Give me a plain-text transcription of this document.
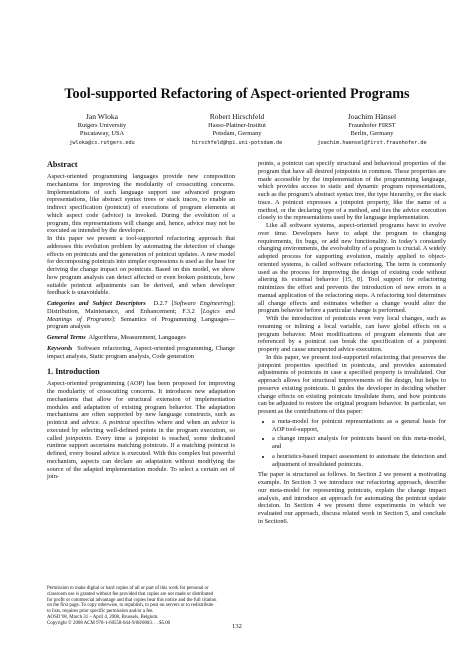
Tool-supported Refactoring of Aspect-oriented Programs
Jan Wloka
Rutgers University
Piscataway, USA
jwloka@cs.rutgers.edu
Robert Hirschfeld
Hasso-Plattner-Institut
Potsdam, Germany
hirschfeld@hpi.uni-potsdam.de
Joachim Hänsel
Fraunhofer FIRST
Berlin, Germany
joachim.haensel@first.fraunhofer.de
Abstract

Aspect-oriented programming languages provide new composition mechanisms for improving the modularity of crosscutting concerns. Implementations of such language support use advanced program representations, like abstract syntax trees or stack traces, to enable an indirect specification (pointcut) of executions of program elements at which aspect code (advice) is invoked. During the evolution of a program, this representations will change and, hence, advice may not be executed as intended by the developer.

In this paper we present a tool-supported refactoring approach that addresses this evolution problem by automating the detection of change effects on pointcuts and the generation of pointcut updates. A new model for decomposing pointcuts into simpler expressions is used as the base for deriving the change impact on pointcuts. Based on this model, we show how program analysis can detect affected or even broken pointcuts, how suitable pointcut adjustments can be derived, and when developer feedback is unavoidable.

Categories and Subject Descriptors D.2.7 [Software Engineering]: Distribution, Maintenance, and Enhancement; F.3.2 [Logics and Meanings of Programs]: Semantics of Programming Languages—program analysis

General Terms Algorithms, Measurement, Languages

Keywords Software refactoring, Aspect-oriented programming, Change impact analysis, Static program analysis, Code generation

1. Introduction

Aspect-oriented programming (AOP) has been proposed for improving the modularity of crosscutting concerns. It introduces new adaptation mechanisms that allow for structural extension of implementation modules and adaptation of existing program behavior. The adaptation mechanisms are often supported by new language constructs, such as pointcut and advice. A pointcut specifies where and when an advice is executed by selecting well-defined points in the program execution, so called joinpoints. Every time a joinpoint is reached, some dedicated runtime support ascertains matching pointcuts. If a matching pointcut is defined, every bound advice is executed. With this complex but powerful mechanism, aspects can declare an adaptation without modifying the source of the adapted implementation module. To select a certain set of join-

Permission to make digital or hard copies of all or part of this work for personal or
classroom use is granted without fee provided that copies are not made or distributed
for profit or commercial advantage and that copies bear this notice and the full citation
on the first page. To copy otherwise, to republish, to post on servers or to redistribute
to lists, requires prior specific permission and/or a fee.
AOSD’08, March 31 – April 4, 2008, Brussels, Belgium.
Copyright © 2008 ACM 978-1-60558-044-9/08/0003. . . $5.00

points, a pointcut can specify structural and behavioral properties of the program that have all desired joinpoints in common. These properties are made accessible by the implementation of the programming language, which provides access to static and dynamic program representations, such as the program’s abstract syntax tree, the type hierarchy, or the stack trace. A pointcut expresses a joinpoint property, like the name of a method, or the declaring type of a method, and ties the advice execution closely to the representations used by the language implementation.

Like all software systems, aspect-oriented programs have to evolve over time. Developers have to adapt the program to changing requirements, fix bugs, or add new functionality. In today’s constantly changing environments, the evolvability of a program is crucial. A widely adopted process for supporting evolution, mainly applied to object-oriented systems, is called software refactoring. The term is commonly used as the process for improving the design of existing code without altering its external behavior [15, 8]. Tool support for refactoring minimizes the effort and prevents the introduction of new errors in a manual application of the refactoring steps. A refactoring tool determines all change effects and estimates whether a change would alter the program behavior before a particular change is performed.

With the introduction of pointcuts even very local changes, such as renaming or inlining a local variable, can have global effects on a program behavior. Most modifications of program elements that are referenced by a pointcut can break the specification of a joinpoint property and cause unexpected advice execution.

In this paper, we present tool-supported refactoring that preserves the joinpoint properties specified in pointcuts, and provides automated adjustments of pointcuts in case a specified property is invalidated. Our approach allows for structural improvements of the design, but helps to preserve existing pointcuts. It guides the developer in deciding whether change effects on existing pointcuts invalidate them, and how pointcuts can be adjusted to restore the original program behavior. In particular, we present as the contributions of this paper:

• a meta-model for pointcut representations as a general basis for AOP tool-support,
• a change impact analysis for pointcuts based on this meta-model, and
• a heuristics-based impact assessment to automate the detection and adjustment of invalidated pointcuts.

The paper is structured as follows. In Section 2 we present a motivating example. In Section 3 we introduce our refactoring approach, describe our meta-model for representing pointcuts, explain the change impact analysis, and introduce an approach for automating the pointcut update decision. In Section 4 we present three experiments in which we evaluated our approach, discuss related work in Section 5, and conclude in Section6.

132
